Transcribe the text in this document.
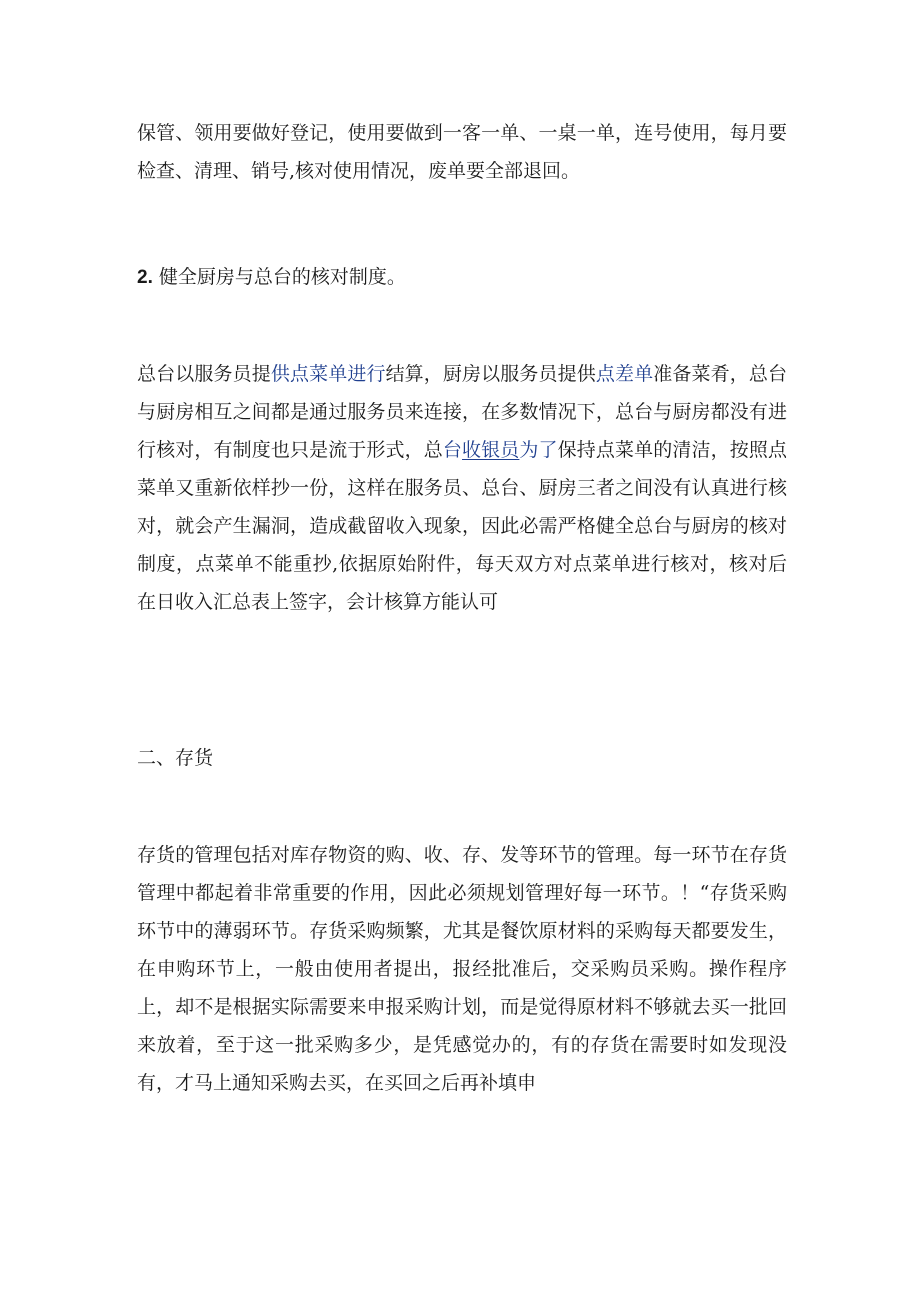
保管、领用要做好登记，使用要做到一客一单、一桌一单，连号使用，每月要检查、清理、销号,核对使用情况，废单要全部退回。

2. 健全厨房与总台的核对制度。

总台以服务员提供点菜单进行结算，厨房以服务员提供点差单准备菜肴，总台与厨房相互之间都是通过服务员来连接，在多数情况下，总台与厨房都没有进行核对，有制度也只是流于形式，总台收银员为了保持点菜单的清洁，按照点菜单又重新依样抄一份，这样在服务员、总台、厨房三者之间没有认真进行核对，就会产生漏洞，造成截留收入现象，因此必需严格健全总台与厨房的核对制度，点菜单不能重抄,依据原始附件，每天双方对点菜单进行核对，核对后在日收入汇总表上签字，会计核算方能认可

二、存货

存货的管理包括对库存物资的购、收、存、发等环节的管理。每一环节在存货管理中都起着非常重要的作用，因此必须规划管理好每一环节。！“存货采购环节中的薄弱环节。存货采购频繁，尤其是餐饮原材料的采购每天都要发生，在申购环节上，一般由使用者提出，报经批准后，交采购员采购。操作程序上，却不是根据实际需要来申报采购计划，而是觉得原材料不够就去买一批回来放着，至于这一批采购多少，是凭感觉办的，有的存货在需要时如发现没有，才马上通知采购去买，在买回之后再补填申
